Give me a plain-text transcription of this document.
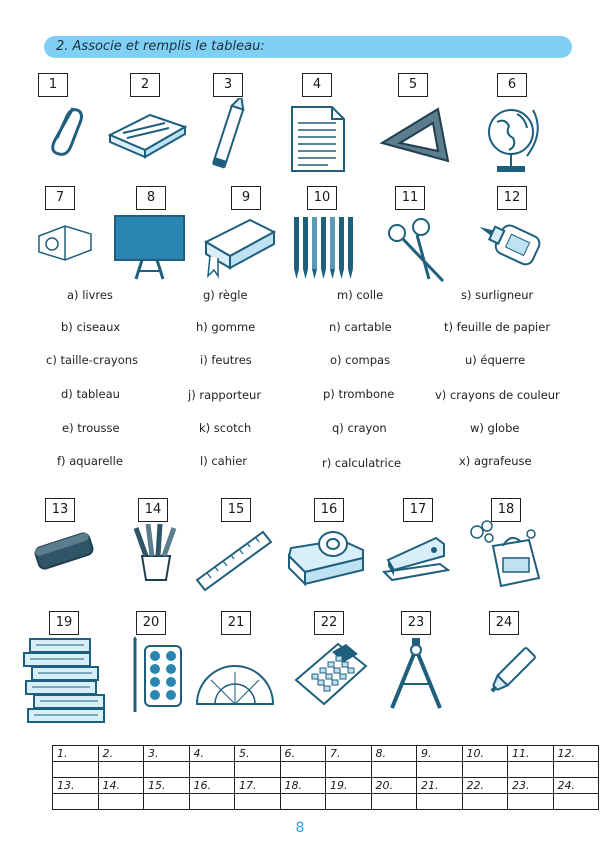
2. Associe et remplis le tableau:
1	2	3	4	5	6
7	8	9	10	11	12
a) livres	g) règle	m) colle	s) surligneur
b) ciseaux	h) gomme	n) cartable	t) feuille de papier
c) taille-crayons	i) feutres	o) compas	u) équerre
d) tableau	j) rapporteur	p) trombone	v) crayons de couleur
e) trousse	k) scotch	q) crayon	w) globe
f) aquarelle	l) cahier	r) calculatrice	x) agrafeuse
13	14	15	16	17	18
19	20	21	22	23	24
1.	2.	3.	4.	5.	6.	7.	8.	9.	10.	11.	12.

13.	14.	15.	16.	17.	18.	19.	20.	21.	22.	23.	24.

8
